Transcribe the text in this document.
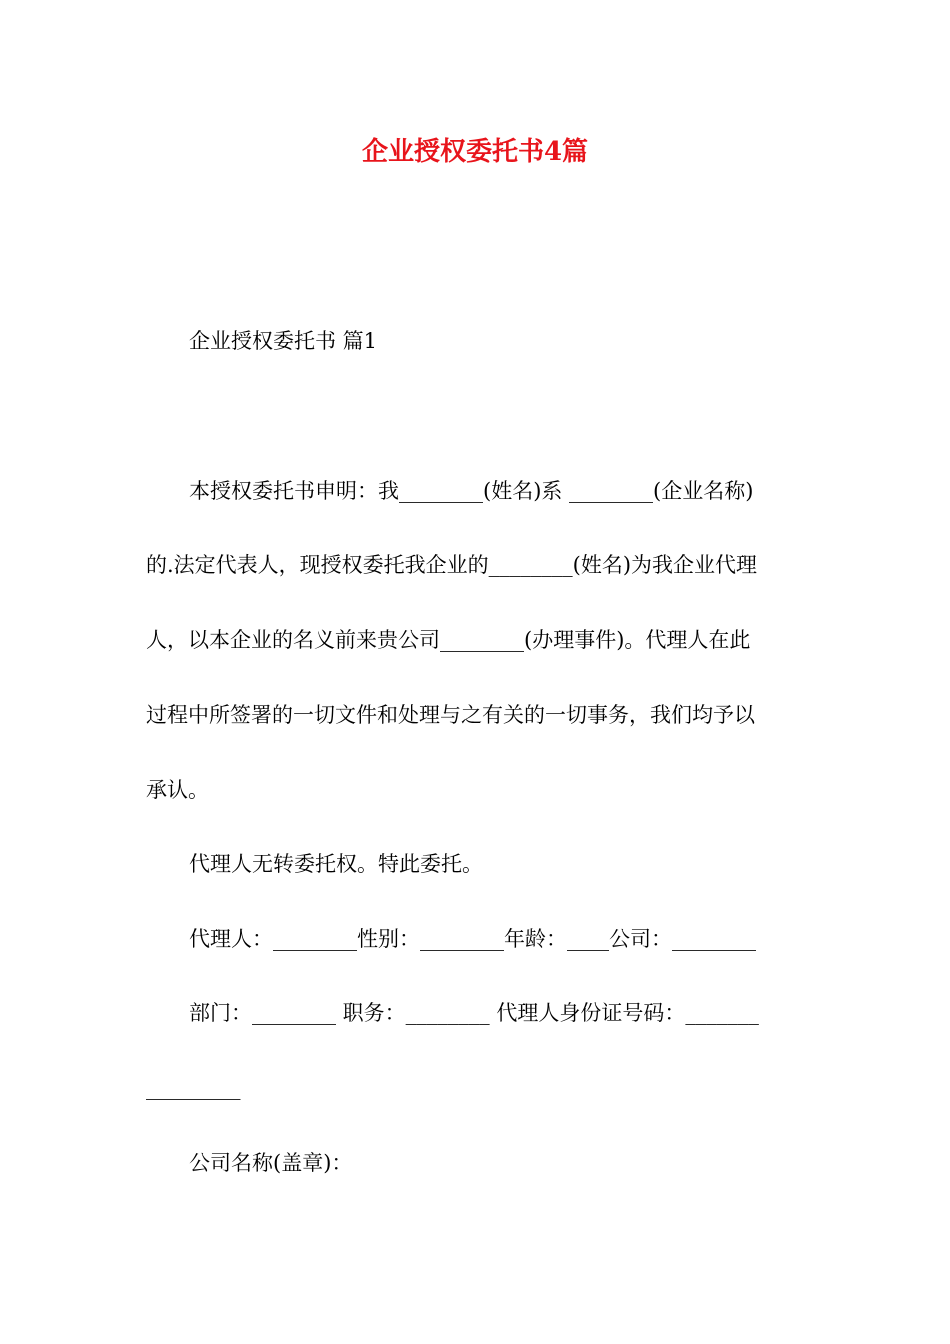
企业授权委托书4篇
企业授权委托书 篇1
本授权委托书申明：我________(姓名)系 ________(企业名称)
的.法定代表人，现授权委托我企业的________(姓名)为我企业代理
人，以本企业的名义前来贵公司________(办理事件)。代理人在此
过程中所签署的一切文件和处理与之有关的一切事务，我们均予以
承认。
代理人无转委托权。特此委托。
代理人：________性别：________年龄：____公司：________
部门：________ 职务：________ 代理人身份证号码：_______
_________
公司名称(盖章)：
